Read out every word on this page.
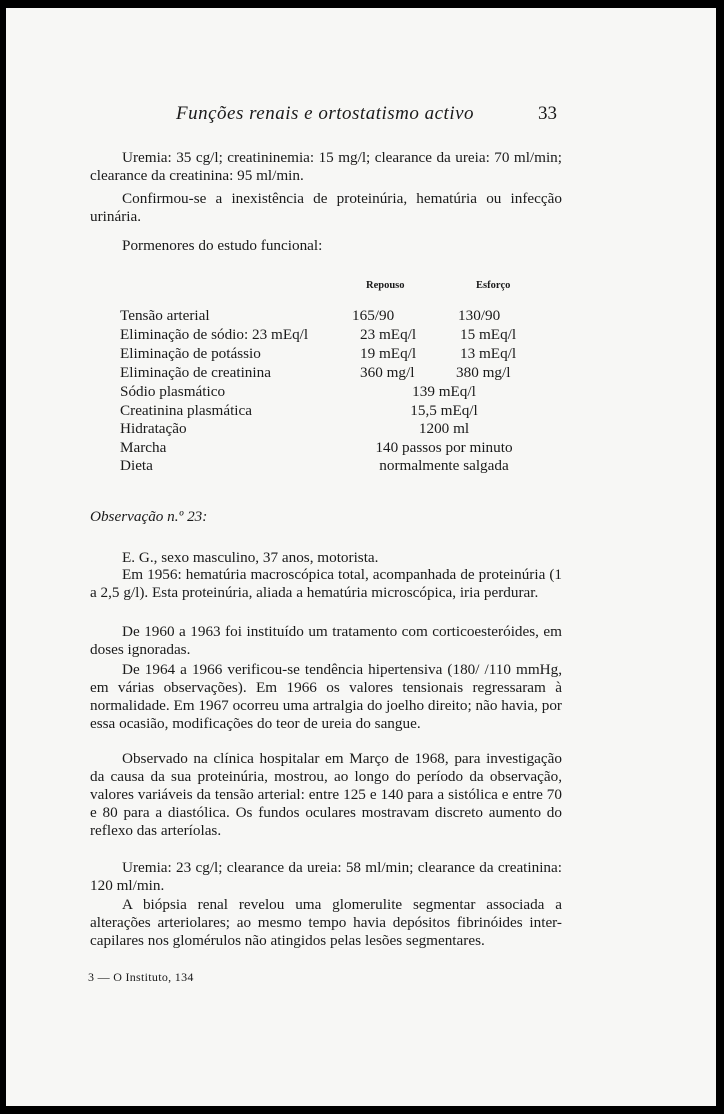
Funções renais e ortostatismo activo	33

Uremia: 35 cg/l; creatininemia: 15 mg/l; clearance da ureia: 70 ml/min; clearance da creatinina: 95 ml/min.

Confirmou-se a inexistência de proteinúria, hematúria ou infecção urinária.

Pormenores do estudo funcional:

Repouso	Esforço
Tensão arterial	165/90	130/90
Eliminação de sódio: 23 mEq/l	23 mEq/l	15 mEq/l
Eliminação de potássio	19 mEq/l	13 mEq/l
Eliminação de creatinina	360 mg/l	380 mg/l
Sódio plasmático	139 mEq/l
Creatinina plasmática	15,5 mEq/l
Hidratação	1200 ml
Marcha	140 passos por minuto
Dieta	normalmente salgada

Observação n.º 23:

E. G., sexo masculino, 37 anos, motorista.

Em 1956: hematúria macroscópica total, acompanhada de proteinúria (1 a 2,5 g/l). Esta proteinúria, aliada a hematúria microscópica, iria perdurar.

De 1960 a 1963 foi instituído um tratamento com corticoesteróides, em doses ignoradas.

De 1964 a 1966 verificou-se tendência hipertensiva (180/ /110 mmHg, em várias observações). Em 1966 os valores tensionais regressaram à normalidade. Em 1967 ocorreu uma artralgia do joelho direito; não havia, por essa ocasião, modificações do teor de ureia do sangue.

Observado na clínica hospitalar em Março de 1968, para investigação da causa da sua proteinúria, mostrou, ao longo do período da observação, valores variáveis da tensão arterial: entre 125 e 140 para a sistólica e entre 70 e 80 para a diastólica. Os fundos oculares mostravam discreto aumento do reflexo das arteríolas.

Uremia: 23 cg/l; clearance da ureia: 58 ml/min; clearance da creatinina: 120 ml/min.

A biópsia renal revelou uma glomerulite segmentar associada a alterações arteriolares; ao mesmo tempo havia depósitos fibrinóides inter-capilares nos glomérulos não atingidos pelas lesões segmentares.

3 — O Instituto, 134
